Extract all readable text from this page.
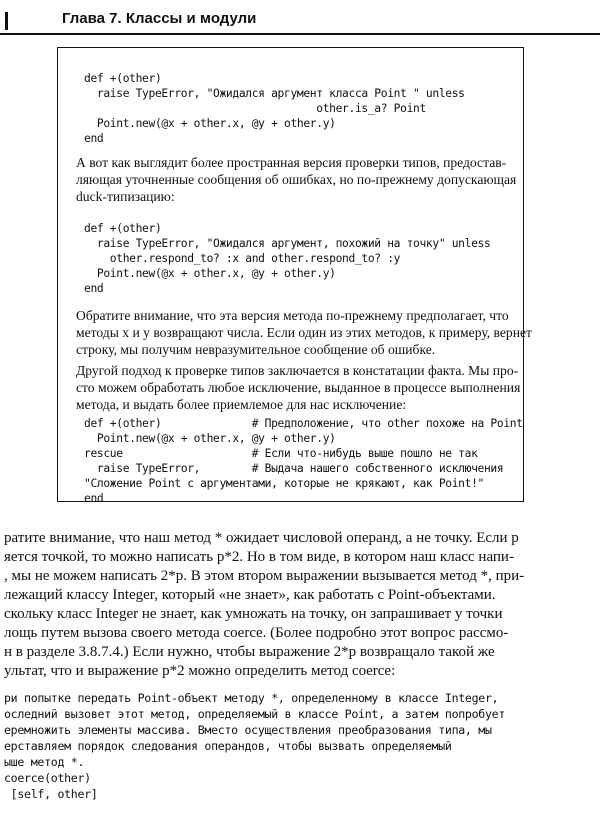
Глава 7. Классы и модули
def +(other)
raise TypeError, "Ожидался аргумент класса Point " unless
other.is_a? Point
Point.new(@x + other.x, @y + other.y)
end
А вот как выглядит более пространная версия проверки типов, предостав-
ляющая уточненные сообщения об ошибках, но по-прежнему допускающая
duck-типизацию:
def +(other)
raise TypeError, "Ожидался аргумент, похожий на точку" unless
other.respond_to? :x and other.respond_to? :y
Point.new(@x + other.x, @y + other.y)
end
Обратите внимание, что эта версия метода по-прежнему предполагает, что
методы x и y возвращают числа. Если один из этих методов, к примеру, вернет
строку, мы получим невразумительное сообщение об ошибке.
Другой подход к проверке типов заключается в констатации факта. Мы про-
сто можем обработать любое исключение, выданное в процессе выполнения
метода, и выдать более приемлемое для нас исключение:
def +(other)              # Предположение, что other похоже на Point
Point.new(@x + other.x, @y + other.y)
rescue                    # Если что-нибудь выше пошло не так
raise TypeError,        # Выдача нашего собственного исключения
"Сложение Point с аргументами, которые не крякают, как Point!"
end
ратите внимание, что наш метод * ожидает числовой операнд, а не точку. Если p
яется точкой, то можно написать p*2. Но в том виде, в котором наш класс напи-
, мы не можем написать 2*p. В этом втором выражении вызывается метод *, при-
лежащий классу Integer, который «не знает», как работать с Point-объектами.
скольку класс Integer не знает, как умножать на точку, он запрашивает у точки
лощь путем вызова своего метода coerce. (Более подробно этот вопрос рассмо-
н в разделе 3.8.7.4.) Если нужно, чтобы выражение 2*p возвращало такой же
ультат, что и выражение p*2 можно определить метод coerce:
ри попытке передать Point-объект методу *, определенному в классе Integer,
оследний вызовет этот метод, определяемый в классе Point, а затем попробует
еремножить элементы массива. Вместо осуществления преобразования типа, мы
ерставляем порядок следования операндов, чтобы вызвать определяемый
ыше метод *.
coerce(other)
[self, other]
